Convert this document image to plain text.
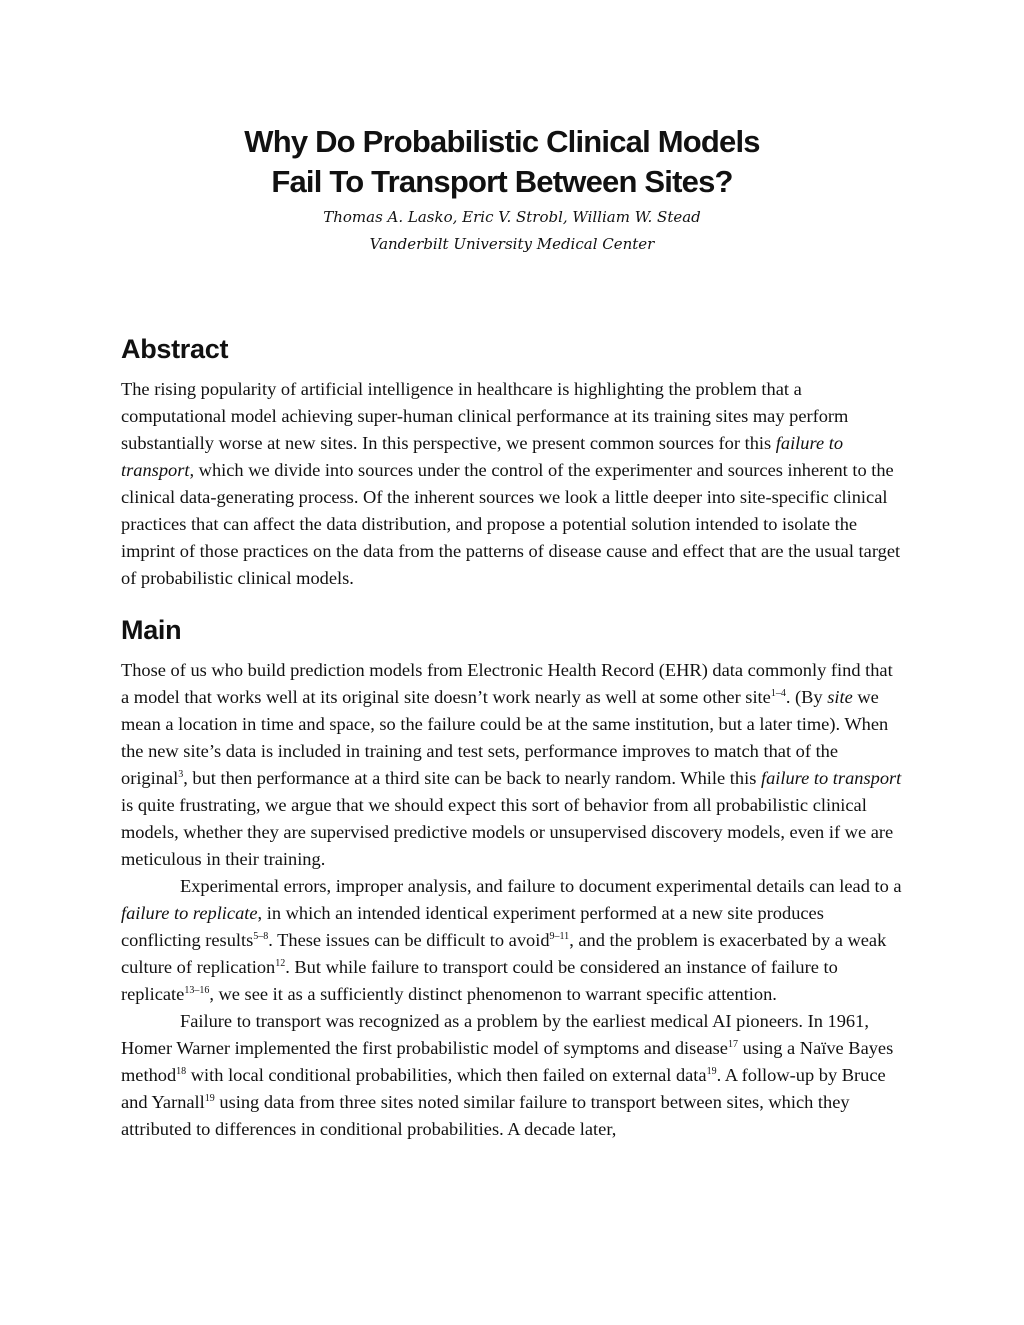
Why Do Probabilistic Clinical Models
Fail To Transport Between Sites?

Thomas A. Lasko, Eric V. Strobl, William W. Stead

Vanderbilt University Medical Center

Abstract

The rising popularity of artificial intelligence in healthcare is highlighting the problem that a computational model achieving super-human clinical performance at its training sites may perform substantially worse at new sites. In this perspective, we present common sources for this failure to transport, which we divide into sources under the control of the experimenter and sources inherent to the clinical data-generating process. Of the inherent sources we look a little deeper into site-specific clinical practices that can affect the data distribution, and propose a potential solution intended to isolate the imprint of those practices on the data from the patterns of disease cause and effect that are the usual target of probabilistic clinical models.

Main

Those of us who build prediction models from Electronic Health Record (EHR) data commonly find that a model that works well at its original site doesn’t work nearly as well at some other site$^{1-4}$. (By site we mean a location in time and space, so the failure could be at the same institution, but a later time). When the new site’s data is included in training and test sets, performance improves to match that of the original$^3$, but then performance at a third site can be back to nearly random. While this failure to transport is quite frustrating, we argue that we should expect this sort of behavior from all probabilistic clinical models, whether they are supervised predictive models or unsupervised discovery models, even if we are meticulous in their training.

Experimental errors, improper analysis, and failure to document experimental details can lead to a failure to replicate, in which an intended identical experiment performed at a new site produces conflicting results$^{5-8}$. These issues can be difficult to avoid$^{9-11}$, and the problem is exacerbated by a weak culture of replication$^{12}$. But while failure to transport could be considered an instance of failure to replicate$^{13-16}$, we see it as a sufficiently distinct phenomenon to warrant specific attention.

Failure to transport was recognized as a problem by the earliest medical AI pioneers. In 1961, Homer Warner implemented the first probabilistic model of symptoms and disease$^{17}$ using a Naïve Bayes method$^{18}$ with local conditional probabilities, which then failed on external data$^{19}$. A follow-up by Bruce and Yarnall$^{19}$ using data from three sites noted similar failure to transport between sites, which they attributed to differences in conditional probabilities. A decade later,
